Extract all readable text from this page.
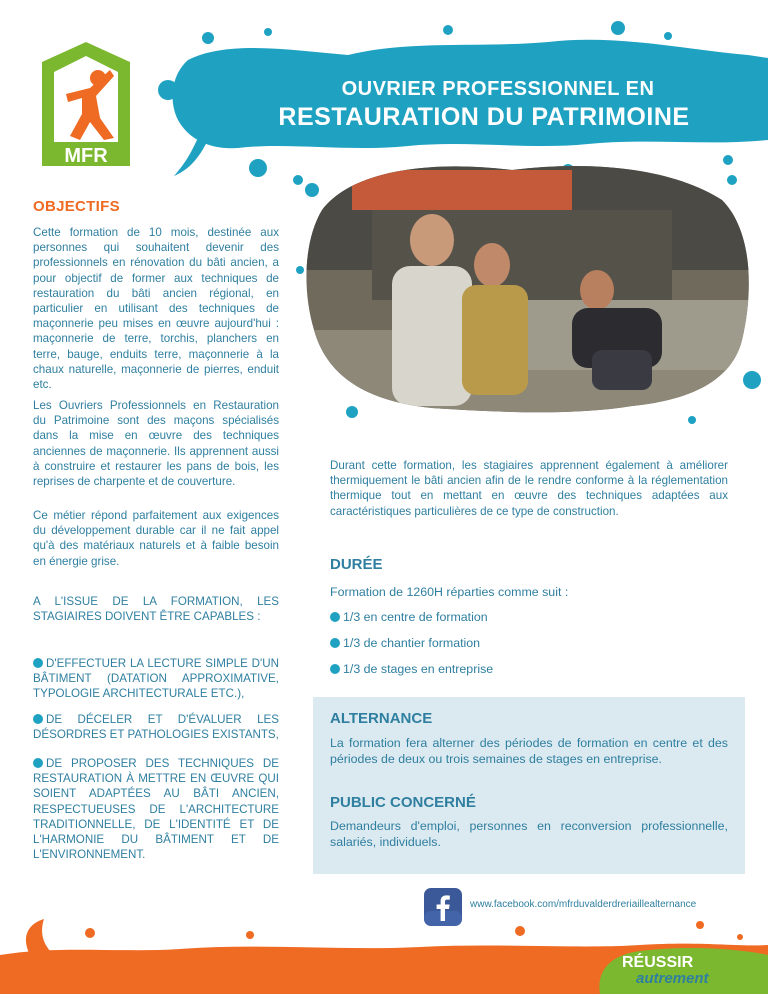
MFR
OUVRIER PROFESSIONNEL EN
RESTAURATION DU PATRIMOINE
OBJECTIFS

Cette formation de 10 mois, destinée aux personnes qui souhaitent devenir des professionnels en rénovation du bâti ancien, a pour objectif de former aux techniques de restauration du bâti ancien régional, en particulier en utilisant des techniques de maçonnerie peu mises en œuvre aujourd'hui : maçonnerie de terre, torchis, planchers en terre, bauge, enduits terre, maçonnerie à la chaux naturelle, maçonnerie de pierres, enduit etc.

Les Ouvriers Professionnels en Restauration du Patrimoine sont des maçons spécialisés dans la mise en œuvre des techniques anciennes de maçonnerie. Ils apprennent aussi à construire et restaurer les pans de bois, les reprises de charpente et de couverture.

Ce métier répond parfaitement aux exigences du développement durable car il ne fait appel qu'à des matériaux naturels et à faible besoin en énergie grise.

A L'ISSUE DE LA FORMATION, LES STAGIAIRES DOIVENT ÊTRE CAPABLES :

D'EFFECTUER LA LECTURE SIMPLE D'UN BÂTIMENT (DATATION APPROXIMATIVE, TYPOLOGIE ARCHITECTURALE ETC.),

DE DÉCELER ET D'ÉVALUER LES DÉSORDRES ET PATHOLOGIES EXISTANTS,

DE PROPOSER DES TECHNIQUES DE RESTAURATION À METTRE EN ŒUVRE QUI SOIENT ADAPTÉES AU BÂTI ANCIEN, RESPECTUEUSES DE L'ARCHITECTURE TRADITIONNELLE, DE L'IDENTITÉ ET DE L'HARMONIE DU BÂTIMENT ET DE L'ENVIRONNEMENT.

Durant cette formation, les stagiaires apprennent également à améliorer thermiquement le bâti ancien afin de le rendre conforme à la réglementation thermique tout en mettant en œuvre des techniques adaptées aux caractéristiques particulières de ce type de construction.

DURÉE
Formation de 1260H réparties comme suit :
1/3 en centre de formation
1/3 de chantier formation
1/3 de stages en entreprise
ALTERNANCE

La formation fera alterner des périodes de formation en centre et des périodes de deux ou trois semaines de stages en entreprise.

PUBLIC CONCERNÉ

Demandeurs d'emploi, personnes en reconversion professionnelle, salariés, individuels.

www.facebook.com/mfrduvalderdreriaillealternance
RÉUSSIR
autrement
